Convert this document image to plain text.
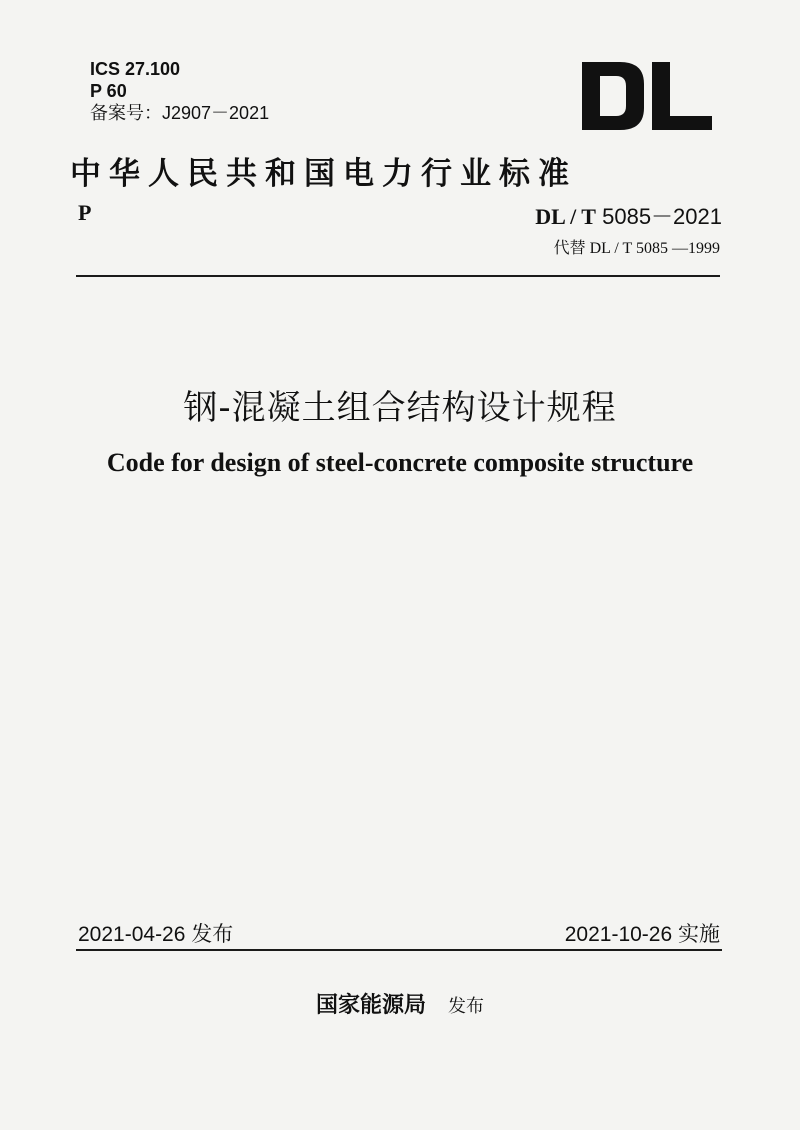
ICS 27.100
P 60
备案号：J2907－2021
中华人民共和国电力行业标准
P	DL / T 5085－2021
代替 DL / T 5085 —1999
钢-混凝土组合结构设计规程
Code for design of steel-concrete composite structure
2021-04-26 发布	2021-10-26 实施
国家能源局 发布
